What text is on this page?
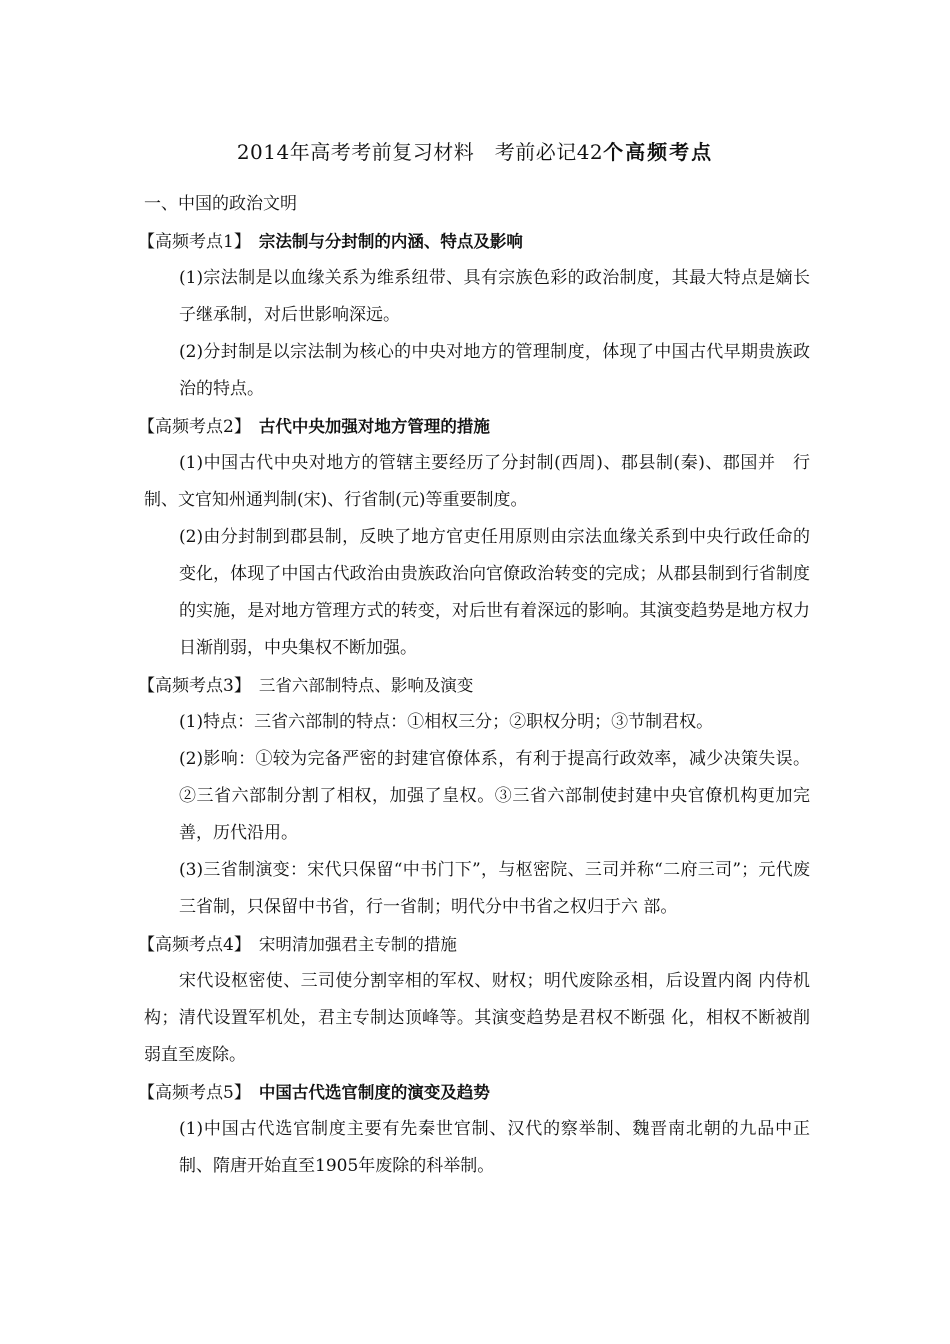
2014年高考考前复习材料　考前必记42个高频考点

一、中国的政治文明

【高频考点1】 宗法制与分封制的内涵、特点及影响

(1)宗法制是以血缘关系为维系纽带、具有宗族色彩的政治制度，其最大特点是嫡长子继承制，对后世影响深远。

(2)分封制是以宗法制为核心的中央对地方的管理制度，体现了中国古代早期贵族政治的特点。

【高频考点2】 古代中央加强对地方管理的措施

(1)中国古代中央对地方的管辖主要经历了分封制(西周)、郡县制(秦)、郡国并　行制、文官知州通判制(宋)、行省制(元)等重要制度。

(2)由分封制到郡县制，反映了地方官吏任用原则由宗法血缘关系到中央行政任命的变化，体现了中国古代政治由贵族政治向官僚政治转变的完成；从郡县制到行省制度的实施，是对地方管理方式的转变，对后世有着深远的影响。其演变趋势是地方权力日渐削弱，中央集权不断加强。

【高频考点3】 三省六部制特点、影响及演变

(1)特点：三省六部制的特点：①相权三分；②职权分明；③节制君权。

(2)影响：①较为完备严密的封建官僚体系，有利于提高行政效率，减少决策失误。②三省六部制分割了相权，加强了皇权。③三省六部制使封建中央官僚机构更加完善，历代沿用。

(3)三省制演变：宋代只保留“中书门下”，与枢密院、三司并称“二府三司”；元代废三省制，只保留中书省，行一省制；明代分中书省之权归于六 部。

【高频考点4】 宋明清加强君主专制的措施

宋代设枢密使、三司使分割宰相的军权、财权；明代废除丞相，后设置内阁 内侍机构；清代设置军机处，君主专制达顶峰等。其演变趋势是君权不断强 化，相权不断被削弱直至废除。

【高频考点5】 中国古代选官制度的演变及趋势

(1)中国古代选官制度主要有先秦世官制、汉代的察举制、魏晋南北朝的九品中正制、隋唐开始直至1905年废除的科举制。
